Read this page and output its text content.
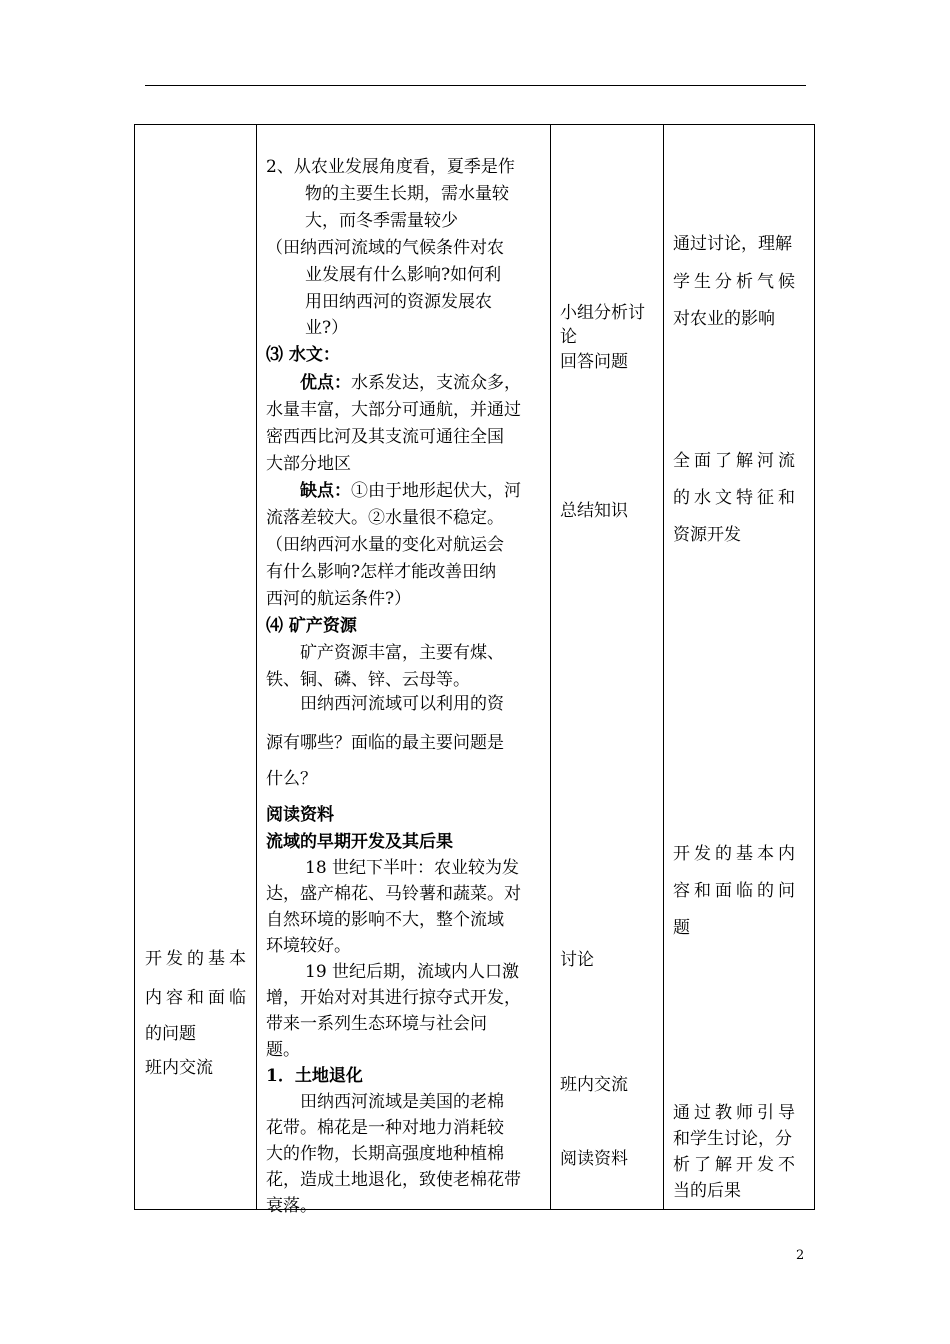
开发的基本
内容和面临
的问题
班内交流
2、从农业发展角度看，夏季是作
物的主要生长期，需水量较
大，而冬季需量较少
（田纳西河流域的气候条件对农
业发展有什么影响?如何利
用田纳西河的资源发展农
业?）
⑶ 水文：
优点：水系发达，支流众多，
水量丰富，大部分可通航，并通过
密西西比河及其支流可通往全国
大部分地区
缺点：①由于地形起伏大，河
流落差较大。②水量很不稳定。
（田纳西河水量的变化对航运会
有什么影响?怎样才能改善田纳
西河的航运条件?）
⑷ 矿产资源
矿产资源丰富，主要有煤、
铁、铜、磷、锌、云母等。
田纳西河流域可以利用的资
源有哪些？面临的最主要问题是
什么？
阅读资料
流域的早期开发及其后果
18 世纪下半叶：农业较为发
达，盛产棉花、马铃薯和蔬菜。对
自然环境的影响不大，整个流域
环境较好。
19 世纪后期，流域内人口激
增，开始对对其进行掠夺式开发，
带来一系列生态环境与社会问
题。
1．土地退化
田纳西河流域是美国的老棉
花带。棉花是一种对地力消耗较
大的作物，长期高强度地种植棉
花，造成土地退化，致使老棉花带
衰落。
小组分析讨
论
回答问题
总结知识
讨论
班内交流
阅读资料
通过讨论，理解
学生分析气候
对农业的影响
全面了解河流
的水文特征和
资源开发
开发的基本内
容和面临的问
题
通过教师引导
和学生讨论，分
析了解开发不
当的后果
2
